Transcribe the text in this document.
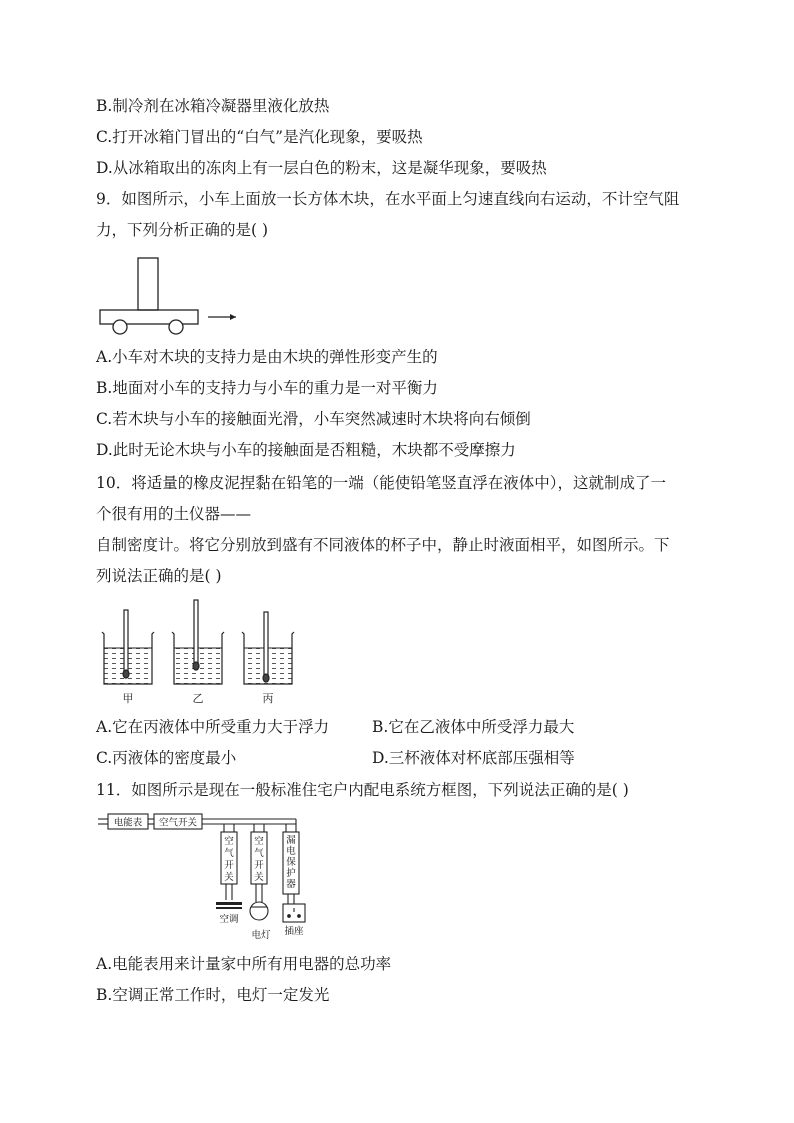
B.制冷剂在冰箱冷凝器里液化放热
C.打开冰箱门冒出的“白气”是汽化现象，要吸热
D.从冰箱取出的冻肉上有一层白色的粉末，这是凝华现象，要吸热
9．如图所示，小车上面放一长方体木块，在水平面上匀速直线向右运动，不计空气阻
力，下列分析正确的是( )
A.小车对木块的支持力是由木块的弹性形变产生的
B.地面对小车的支持力与小车的重力是一对平衡力
C.若木块与小车的接触面光滑，小车突然减速时木块将向右倾倒
D.此时无论木块与小车的接触面是否粗糙，木块都不受摩擦力
10．将适量的橡皮泥捏黏在铅笔的一端（能使铅笔竖直浮在液体中），这就制成了一
个很有用的土仪器——
自制密度计。将它分别放到盛有不同液体的杯子中，静止时液面相平，如图所示。下
列说法正确的是( )
甲	乙	丙
A.它在丙液体中所受重力大于浮力	B.它在乙液体中所受浮力最大
C.丙液体的密度最小	D.三杯液体对杯底部压强相等
11．如图所示是现在一般标准住宅户内配电系统方框图，下列说法正确的是( )
电能表 空气开关
空
气
开
关
空
气
开
关
漏
电
保
护
器
空调
电灯 插座
A.电能表用来计量家中所有用电器的总功率
B.空调正常工作时，电灯一定发光
